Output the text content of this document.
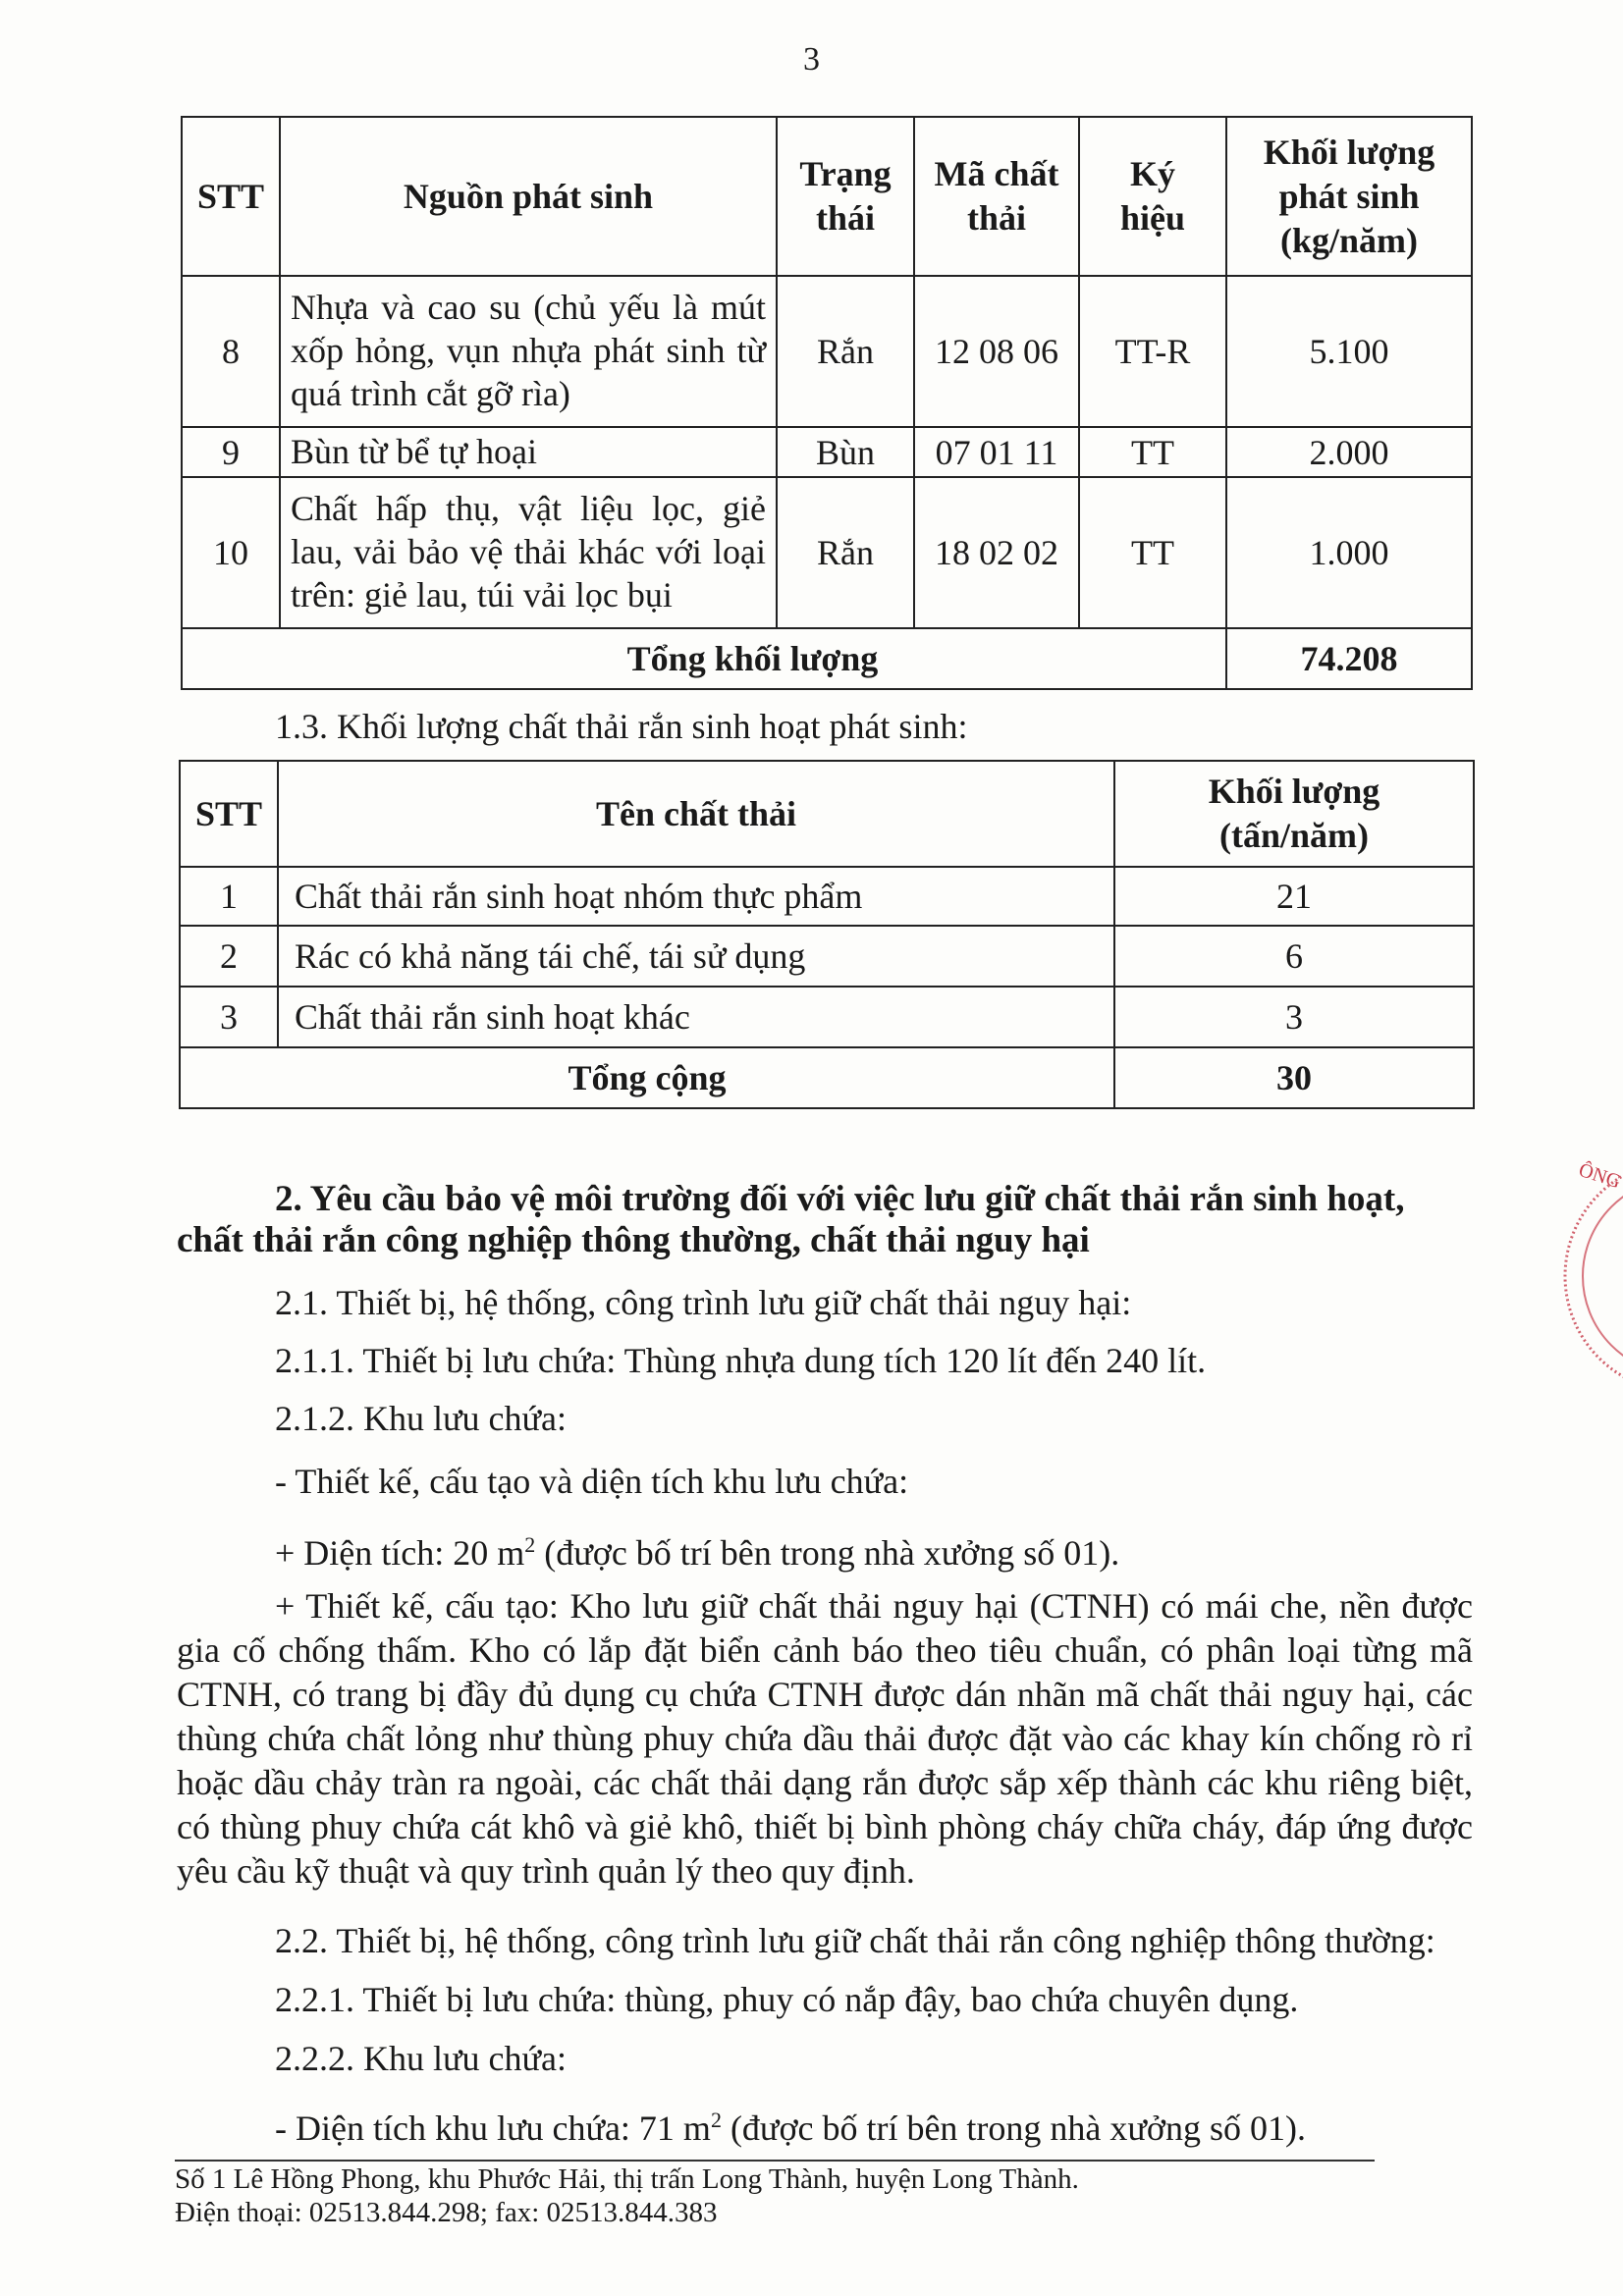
3
STT	Nguồn phát sinh	Trạng thái	Mã chất thải	Ký hiệu	Khối lượng phát sinh (kg/năm)
8	Nhựa và cao su (chủ yếu là mút xốp hỏng, vụn nhựa phát sinh từ quá trình cắt gỡ rìa)	Rắn	12 08 06	TT-R	5.100
9	Bùn từ bể tự hoại	Bùn	07 01 11	TT	2.000
10	Chất hấp thụ, vật liệu lọc, giẻ lau, vải bảo vệ thải khác với loại trên: giẻ lau, túi vải lọc bụi	Rắn	18 02 02	TT	1.000
	Tổng khối lượng				74.208
1.3. Khối lượng chất thải rắn sinh hoạt phát sinh:
STT	Tên chất thải	Khối lượng (tấn/năm)
1	Chất thải rắn sinh hoạt nhóm thực phẩm	21
2	Rác có khả năng tái chế, tái sử dụng	6
3	Chất thải rắn sinh hoạt khác	3
Tổng cộng		30
2. Yêu cầu bảo vệ môi trường đối với việc lưu giữ chất thải rắn sinh hoạt,
chất thải rắn công nghiệp thông thường, chất thải nguy hại
2.1. Thiết bị, hệ thống, công trình lưu giữ chất thải nguy hại:
2.1.1. Thiết bị lưu chứa: Thùng nhựa dung tích 120 lít đến 240 lít.
2.1.2. Khu lưu chứa:
- Thiết kế, cấu tạo và diện tích khu lưu chứa:
+ Diện tích: 20 $m^2$ (được bố trí bên trong nhà xưởng số 01).
+ Thiết kế, cấu tạo: Kho lưu giữ chất thải nguy hại (CTNH) có mái che, nền được gia cố chống thấm. Kho có lắp đặt biển cảnh báo theo tiêu chuẩn, có phân loại từng mã CTNH, có trang bị đầy đủ dụng cụ chứa CTNH được dán nhãn mã chất thải nguy hại, các thùng chứa chất lỏng như thùng phuy chứa dầu thải được đặt vào các khay kín chống rò rỉ hoặc dầu chảy tràn ra ngoài, các chất thải dạng rắn được sắp xếp thành các khu riêng biệt, có thùng phuy chứa cát khô và giẻ khô, thiết bị bình phòng cháy chữa cháy, đáp ứng được yêu cầu kỹ thuật và quy trình quản lý theo quy định.
2.2. Thiết bị, hệ thống, công trình lưu giữ chất thải rắn công nghiệp thông thường:
2.2.1. Thiết bị lưu chứa: thùng, phuy có nắp đậy, bao chứa chuyên dụng.
2.2.2. Khu lưu chứa:
- Diện tích khu lưu chứa: 71 $m^2$ (được bố trí bên trong nhà xưởng số 01).
Số 1 Lê Hồng Phong, khu Phước Hải, thị trấn Long Thành, huyện Long Thành.
Điện thoại: 02513.844.298; fax: 02513.844.383
ÔNG
